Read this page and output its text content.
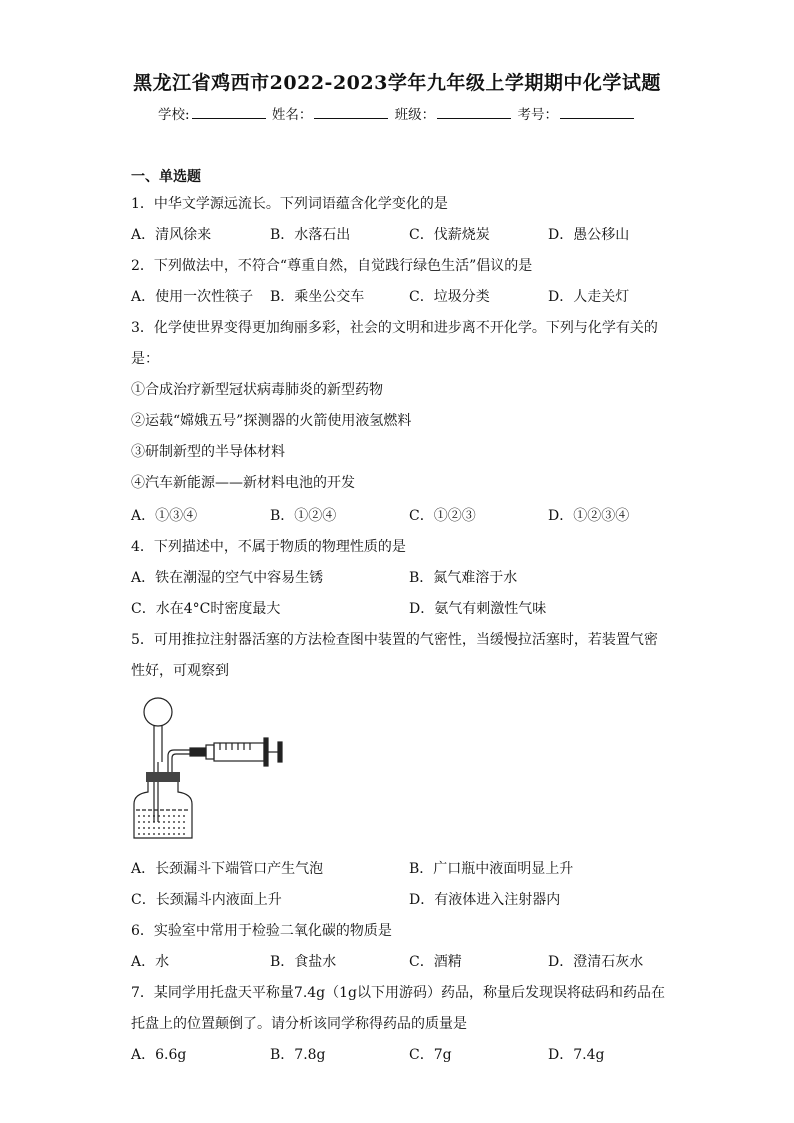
黑龙江省鸡西市2022-2023学年九年级上学期期中化学试题
学校:	姓名：	班级：	考号：
一、单选题
1．中华文学源远流长。下列词语蕴含化学变化的是
A．清风徐来	B．水落石出	C．伐薪烧炭	D．愚公移山
2．下列做法中，不符合“尊重自然，自觉践行绿色生活”倡议的是
A．使用一次性筷子 B．乘坐公交车	C．垃圾分类	D．人走关灯
3．化学使世界变得更加绚丽多彩，社会的文明和进步离不开化学。下列与化学有关的
是：
①合成治疗新型冠状病毒肺炎的新型药物
②运载“嫦娥五号”探测器的火箭使用液氢燃料
③研制新型的半导体材料
④汽车新能源——新材料电池的开发
A．①③④	B．①②④	C．①②③	D．①②③④
4．下列描述中，不属于物质的物理性质的是
A．铁在潮湿的空气中容易生锈	B．氮气难溶于水
C．水在4°C时密度最大	D．氨气有刺激性气味
5．可用推拉注射器活塞的方法检查图中装置的气密性，当缓慢拉活塞时，若装置气密
性好，可观察到
A．长颈漏斗下端管口产生气泡	B．广口瓶中液面明显上升
C．长颈漏斗内液面上升	D．有液体进入注射器内
6．实验室中常用于检验二氧化碳的物质是
A．水	B．食盐水	C．酒精	D．澄清石灰水
7．某同学用托盘天平称量7.4g（1g以下用游码）药品，称量后发现误将砝码和药品在
托盘上的位置颠倒了。请分析该同学称得药品的质量是
A．6.6g	B．7.8g	C．7g	D．7.4g
